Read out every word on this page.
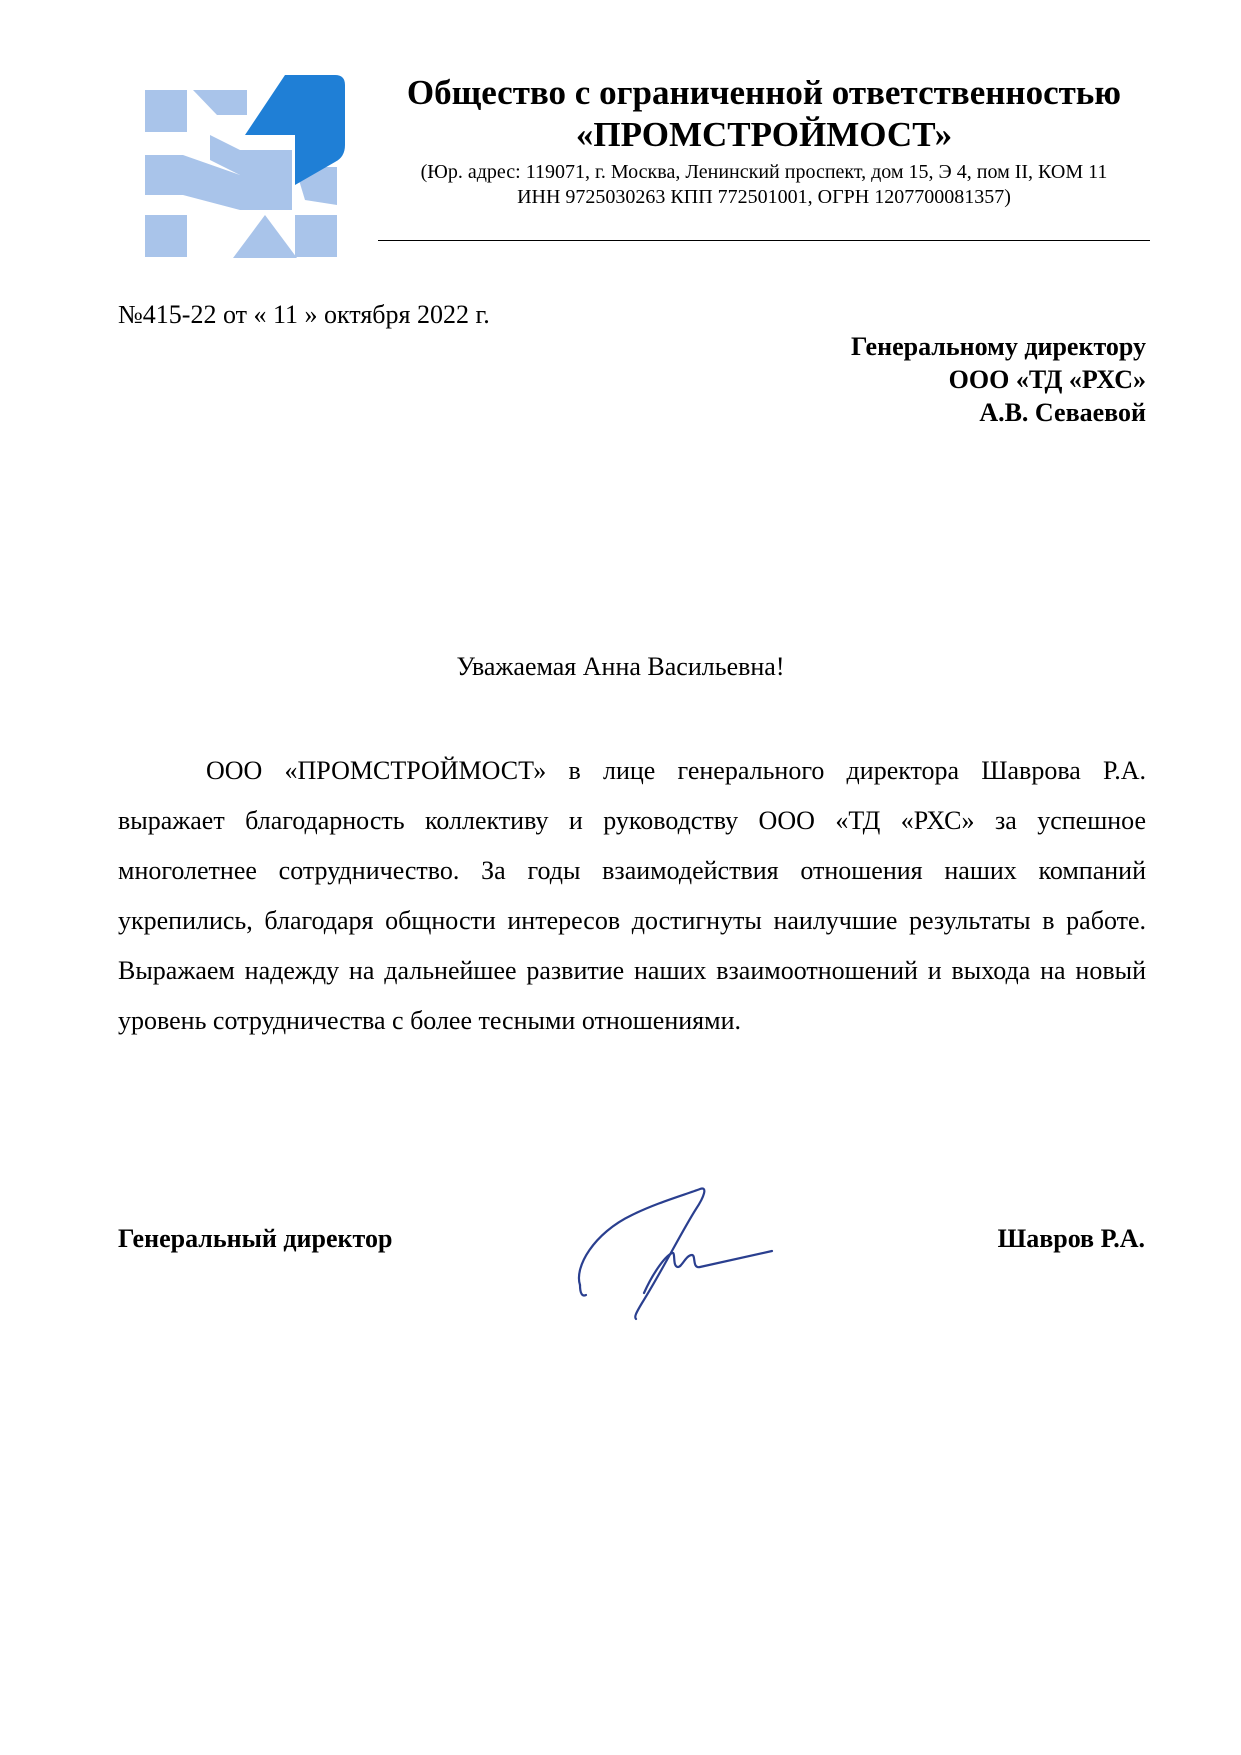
Общество с ограниченной ответственностью
«ПРОМСТРОЙМОСТ»
(Юр. адрес: 119071, г. Москва, Ленинский проспект, дом 15, Э 4, пом II, КОМ 11
ИНН 9725030263 КПП 772501001, ОГРН 1207700081357)
№415-22 от « 11 » октября 2022 г.
Генеральному директору
ООО «ТД «РХС»
А.В. Севаевой
Уважаемая Анна Васильевна!

ООО «ПРОМСТРОЙМОСТ» в лице генерального директора Шаврова Р.А. выражает благодарность коллективу и руководству ООО «ТД «РХС» за успешное многолетнее сотрудничество. За годы взаимодействия отношения наших компаний укрепились, благодаря общности интересов достигнуты наилучшие результаты в работе. Выражаем надежду на дальнейшее развитие наших взаимоотношений и выхода на новый уровень сотрудничества с более тесными отношениями.

Генеральный директор	Шавров Р.А.
